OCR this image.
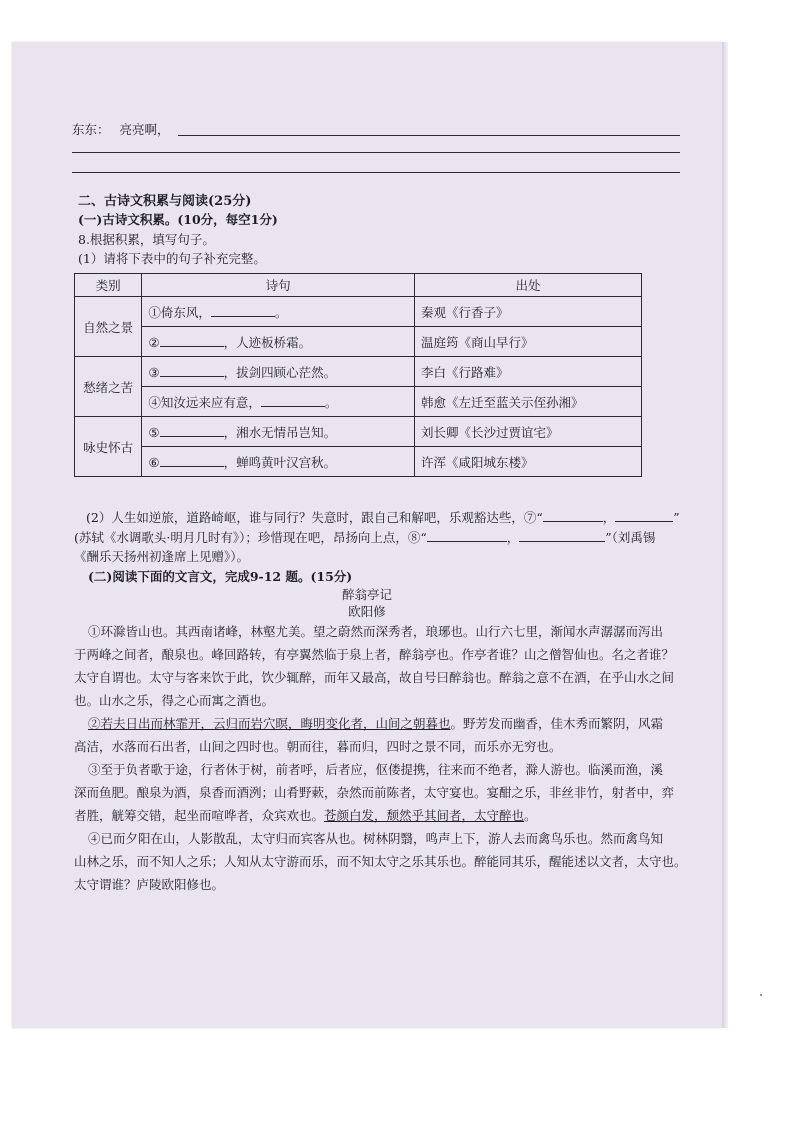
东东： 亮亮啊，
二、古诗文积累与阅读(25分)
(一)古诗文积累。(10分，每空1分)
8.根据积累，填写句子。
(1）请将下表中的句子补充完整。
类别	诗句	出处
自然之景	①倚东风， 。	秦观《行香子》
	② ，人迹板桥霜。	温庭筠《商山早行》
愁绪之苦	③ ，拔剑四顾心茫然。	李白《行路难》
	④知汝远来应有意， 。	韩愈《左迁至蓝关示侄孙湘》
咏史怀古	⑤ ，湘水无情吊岂知。	刘长卿《长沙过贾谊宅》
	⑥ ，蝉鸣黄叶汉宫秋。	许浑《咸阳城东楼》
(2）人生如逆旅，道路崎岖，谁与同行？失意时，跟自己和解吧，乐观豁达些，⑦“	，	”
(苏轼《水调歌头·明月几时有》）；珍惜现在吧，昂扬向上点，⑧“	，	”（刘禹锡
《酬乐天扬州初逢席上见赠》）。
(二)阅读下面的文言文，完成9-12 题。(15分)
醉翁亭记
欧阳修
①环滁皆山也。其西南诸峰，林壑尤美。望之蔚然而深秀者，琅琊也。山行六七里，渐闻水声潺潺而泻出
于两峰之间者，酿泉也。峰回路转，有亭翼然临于泉上者，醉翁亭也。作亭者谁？山之僧智仙也。名之者谁？
太守自谓也。太守与客来饮于此，饮少辄醉，而年又最高，故自号曰醉翁也。醉翁之意不在酒，在乎山水之间
也。山水之乐，得之心而寓之酒也。
②若夫日出而林霏开，云归而岩穴暝，晦明变化者，山间之朝暮也。野芳发而幽香，佳木秀而繁阴，风霜
高洁，水落而石出者，山间之四时也。朝而往，暮而归，四时之景不同，而乐亦无穷也。
③至于负者歌于途，行者休于树，前者呼，后者应，伛偻提携，往来而不绝者，滁人游也。临溪而渔，溪
深而鱼肥。酿泉为酒，泉香而酒洌；山肴野蔌，杂然而前陈者，太守宴也。宴酣之乐，非丝非竹，射者中，弈
者胜，觥筹交错，起坐而喧哗者，众宾欢也。苍颜白发，颓然乎其间者，太守醉也。
④已而夕阳在山，人影散乱，太守归而宾客从也。树林阴翳，鸣声上下，游人去而禽鸟乐也。然而禽鸟知
山林之乐，而不知人之乐；人知从太守游而乐，而不知太守之乐其乐也。醉能同其乐，醒能述以文者，太守也。
太守谓谁？庐陵欧阳修也。
